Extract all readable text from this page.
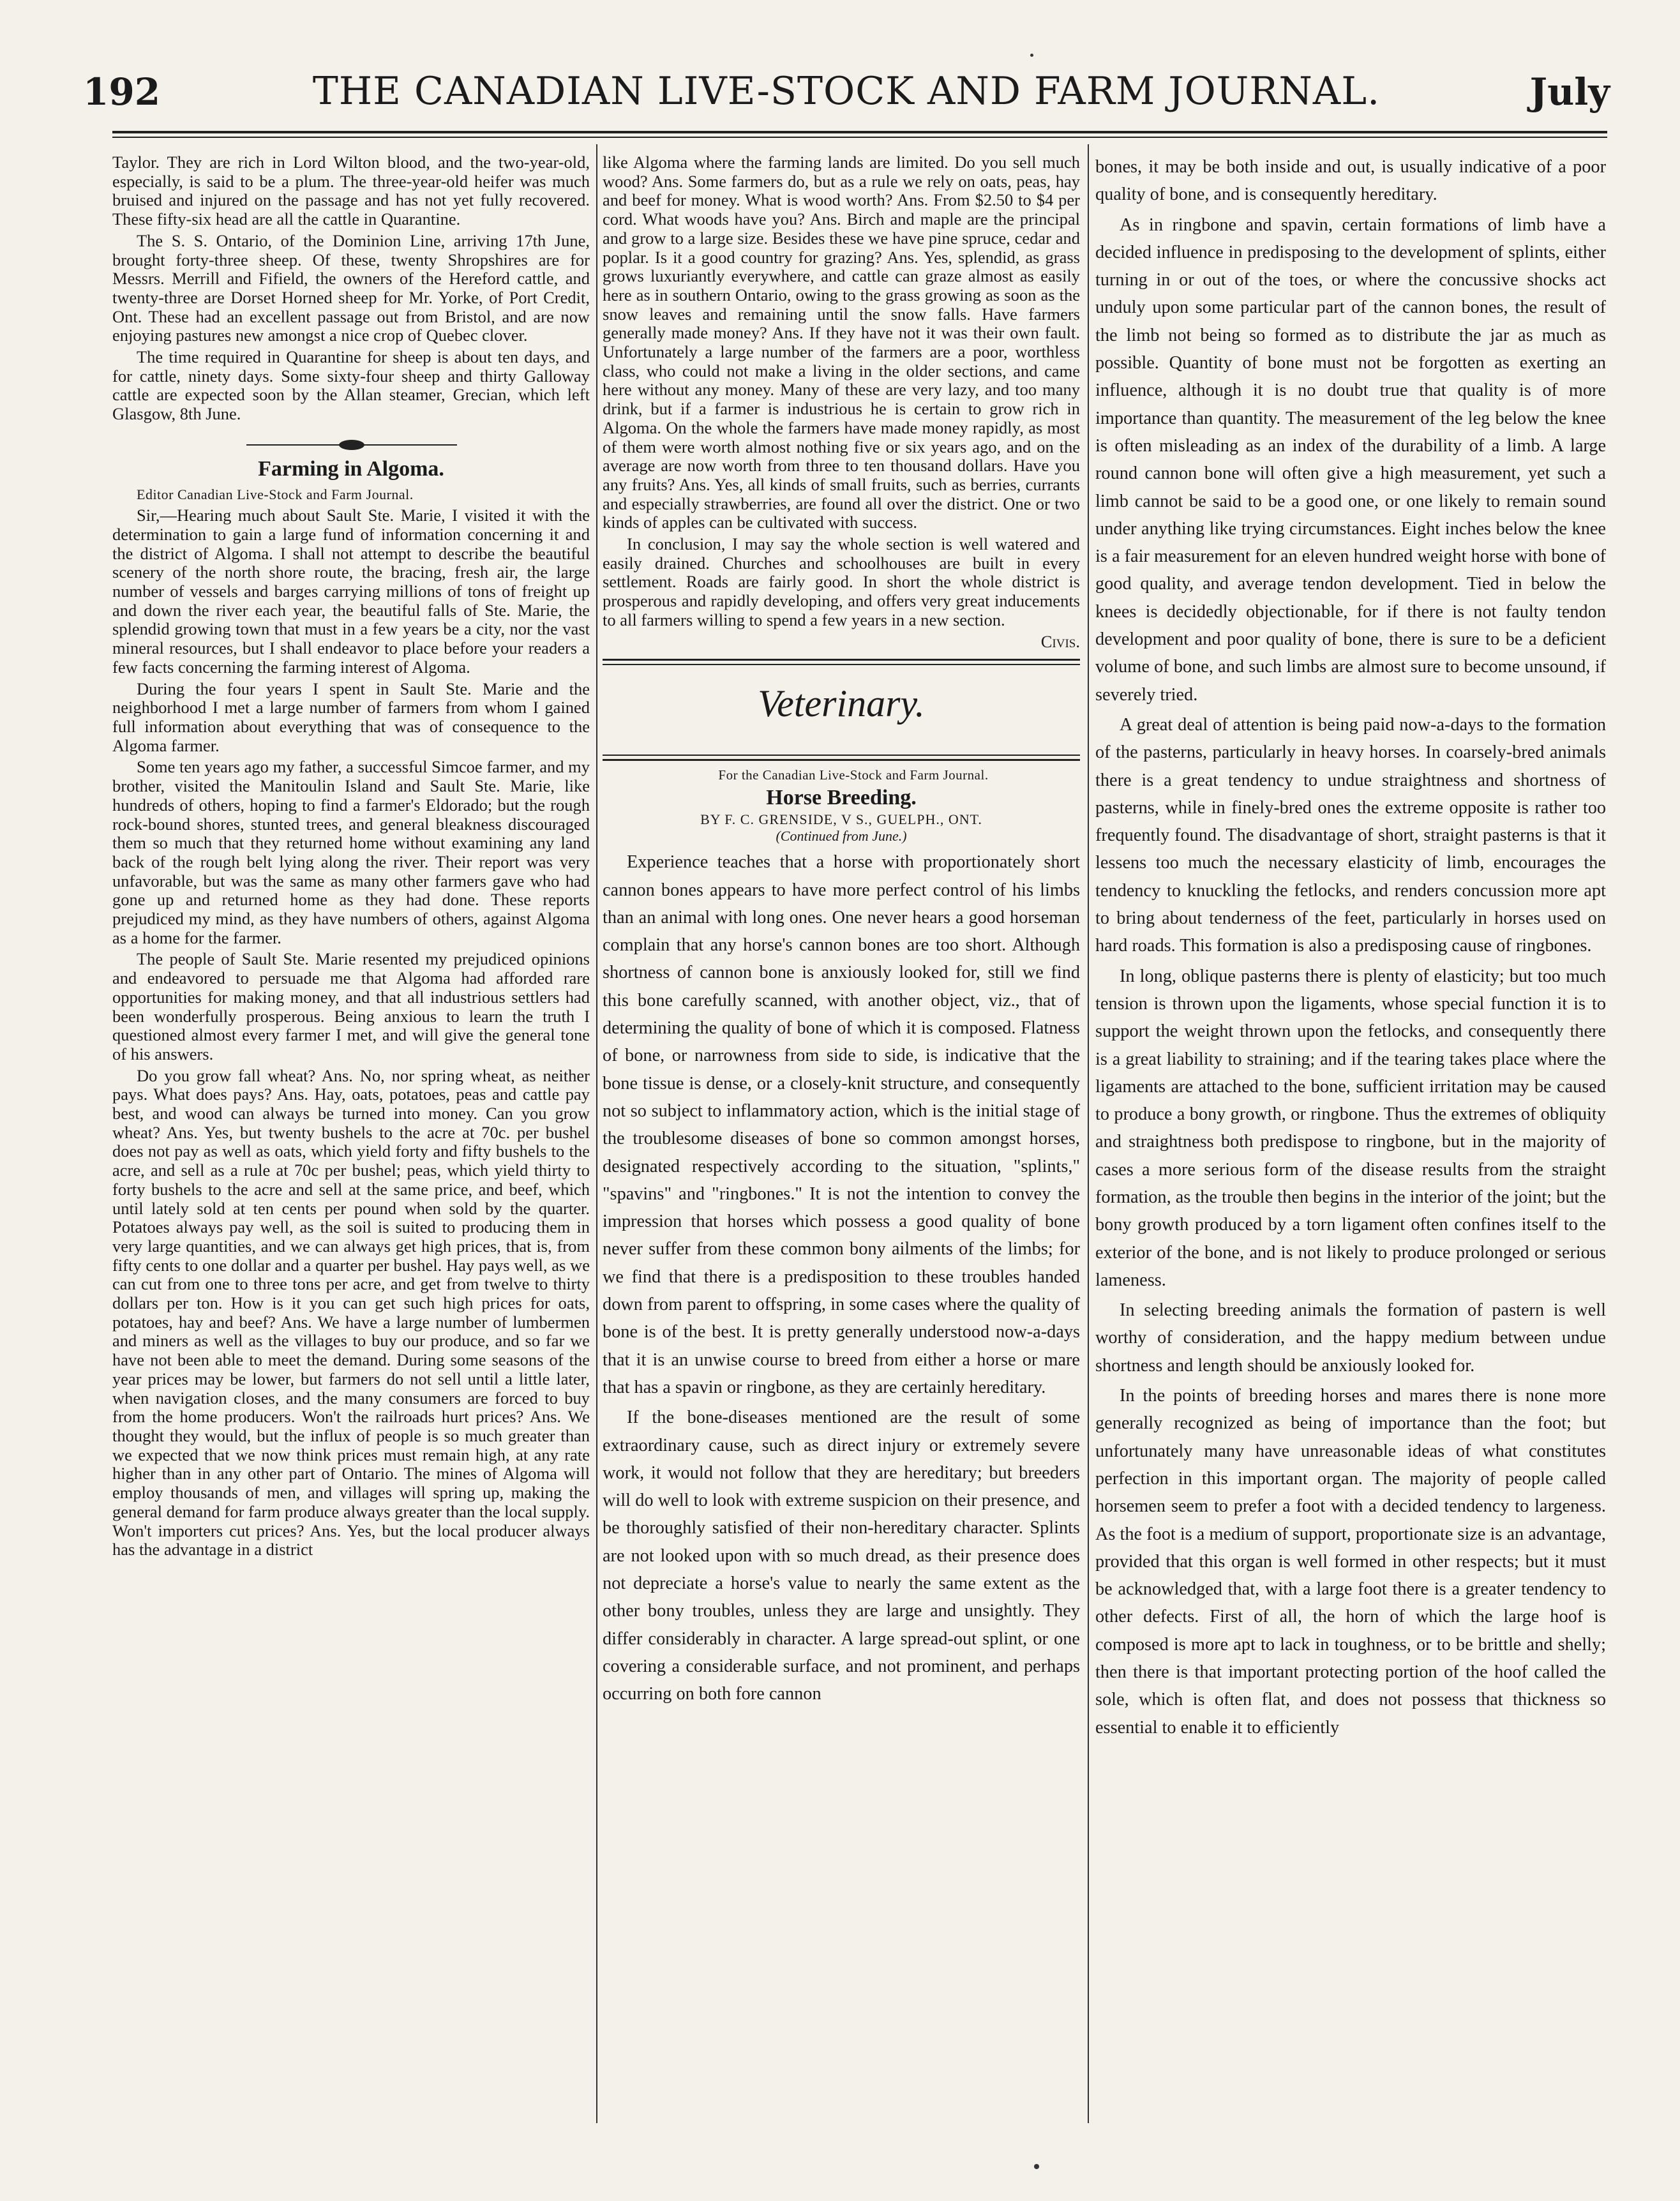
192	THE CANADIAN LIVE-STOCK AND FARM JOURNAL.	July

Taylor. They are rich in Lord Wilton blood, and the two-year-old, especially, is said to be a plum. The three-year-old heifer was much bruised and injured on the passage and has not yet fully recovered. These fifty-six head are all the cattle in Quarantine.

The S. S. Ontario, of the Dominion Line, arriving 17th June, brought forty-three sheep. Of these, twenty Shropshires are for Messrs. Merrill and Fifield, the owners of the Hereford cattle, and twenty-three are Dorset Horned sheep for Mr. Yorke, of Port Credit, Ont. These had an excellent passage out from Bristol, and are now enjoying pastures new amongst a nice crop of Quebec clover.

The time required in Quarantine for sheep is about ten days, and for cattle, ninety days. Some sixty-four sheep and thirty Galloway cattle are expected soon by the Allan steamer, Grecian, which left Glasgow, 8th June.

Farming in Algoma.

Editor Canadian Live-Stock and Farm Journal.

Sir,—Hearing much about Sault Ste. Marie, I visited it with the determination to gain a large fund of information concerning it and the district of Algoma. I shall not attempt to describe the beautiful scenery of the north shore route, the bracing, fresh air, the large number of vessels and barges carrying millions of tons of freight up and down the river each year, the beautiful falls of Ste. Marie, the splendid growing town that must in a few years be a city, nor the vast mineral resources, but I shall endeavor to place before your readers a few facts concerning the farming interest of Algoma.

During the four years I spent in Sault Ste. Marie and the neighborhood I met a large number of farmers from whom I gained full information about everything that was of consequence to the Algoma farmer.

Some ten years ago my father, a successful Simcoe farmer, and my brother, visited the Manitoulin Island and Sault Ste. Marie, like hundreds of others, hoping to find a farmer's Eldorado; but the rough rock-bound shores, stunted trees, and general bleakness discouraged them so much that they returned home without examining any land back of the rough belt lying along the river. Their report was very unfavorable, but was the same as many other farmers gave who had gone up and returned home as they had done. These reports prejudiced my mind, as they have numbers of others, against Algoma as a home for the farmer.

The people of Sault Ste. Marie resented my prejudiced opinions and endeavored to persuade me that Algoma had afforded rare opportunities for making money, and that all industrious settlers had been wonderfully prosperous. Being anxious to learn the truth I questioned almost every farmer I met, and will give the general tone of his answers.

Do you grow fall wheat? Ans. No, nor spring wheat, as neither pays. What does pays? Ans. Hay, oats, potatoes, peas and cattle pay best, and wood can always be turned into money. Can you grow wheat? Ans. Yes, but twenty bushels to the acre at 70c. per bushel does not pay as well as oats, which yield forty and fifty bushels to the acre, and sell as a rule at 70c per bushel; peas, which yield thirty to forty bushels to the acre and sell at the same price, and beef, which until lately sold at ten cents per pound when sold by the quarter. Potatoes always pay well, as the soil is suited to producing them in very large quantities, and we can always get high prices, that is, from fifty cents to one dollar and a quarter per bushel. Hay pays well, as we can cut from one to three tons per acre, and get from twelve to thirty dollars per ton. How is it you can get such high prices for oats, potatoes, hay and beef? Ans. We have a large number of lumbermen and miners as well as the villages to buy our produce, and so far we have not been able to meet the demand. During some seasons of the year prices may be lower, but farmers do not sell until a little later, when navigation closes, and the many consumers are forced to buy from the home producers. Won't the railroads hurt prices? Ans. We thought they would, but the influx of people is so much greater than we expected that we now think prices must remain high, at any rate higher than in any other part of Ontario. The mines of Algoma will employ thousands of men, and villages will spring up, making the general demand for farm produce always greater than the local supply. Won't importers cut prices? Ans. Yes, but the local producer always has the advantage in a district

like Algoma where the farming lands are limited. Do you sell much wood? Ans. Some farmers do, but as a rule we rely on oats, peas, hay and beef for money. What is wood worth? Ans. From $2.50 to $4 per cord. What woods have you? Ans. Birch and maple are the principal and grow to a large size. Besides these we have pine spruce, cedar and poplar. Is it a good country for grazing? Ans. Yes, splendid, as grass grows luxuriantly everywhere, and cattle can graze almost as easily here as in southern Ontario, owing to the grass growing as soon as the snow leaves and remaining until the snow falls. Have farmers generally made money? Ans. If they have not it was their own fault. Unfortunately a large number of the farmers are a poor, worthless class, who could not make a living in the older sections, and came here without any money. Many of these are very lazy, and too many drink, but if a farmer is industrious he is certain to grow rich in Algoma. On the whole the farmers have made money rapidly, as most of them were worth almost nothing five or six years ago, and on the average are now worth from three to ten thousand dollars. Have you any fruits? Ans. Yes, all kinds of small fruits, such as berries, currants and especially strawberries, are found all over the district. One or two kinds of apples can be cultivated with success.

In conclusion, I may say the whole section is well watered and easily drained. Churches and schoolhouses are built in every settlement. Roads are fairly good. In short the whole district is prosperous and rapidly developing, and offers very great inducements to all farmers willing to spend a few years in a new section.

Civis.

Veterinary.

For the Canadian Live-Stock and Farm Journal.

Horse Breeding.
BY F. C. GRENSIDE, V S., GUELPH., ONT.
(Continued from June.)

Experience teaches that a horse with proportionately short cannon bones appears to have more perfect control of his limbs than an animal with long ones. One never hears a good horseman complain that any horse's cannon bones are too short. Although shortness of cannon bone is anxiously looked for, still we find this bone carefully scanned, with another object, viz., that of determining the quality of bone of which it is composed. Flatness of bone, or narrowness from side to side, is indicative that the bone tissue is dense, or a closely-knit structure, and consequently not so subject to inflammatory action, which is the initial stage of the troublesome diseases of bone so common amongst horses, designated respectively according to the situation, "splints," "spavins" and "ringbones." It is not the intention to convey the impression that horses which possess a good quality of bone never suffer from these common bony ailments of the limbs; for we find that there is a predisposition to these troubles handed down from parent to offspring, in some cases where the quality of bone is of the best. It is pretty generally understood now-a-days that it is an unwise course to breed from either a horse or mare that has a spavin or ringbone, as they are certainly hereditary.

If the bone-diseases mentioned are the result of some extraordinary cause, such as direct injury or extremely severe work, it would not follow that they are hereditary; but breeders will do well to look with extreme suspicion on their presence, and be thoroughly satisfied of their non-hereditary character. Splints are not looked upon with so much dread, as their presence does not depreciate a horse's value to nearly the same extent as the other bony troubles, unless they are large and unsightly. They differ considerably in character. A large spread-out splint, or one covering a considerable surface, and not prominent, and perhaps occurring on both fore cannon

bones, it may be both inside and out, is usually indicative of a poor quality of bone, and is consequently hereditary.

As in ringbone and spavin, certain formations of limb have a decided influence in predisposing to the development of splints, either turning in or out of the toes, or where the concussive shocks act unduly upon some particular part of the cannon bones, the result of the limb not being so formed as to distribute the jar as much as possible. Quantity of bone must not be forgotten as exerting an influence, although it is no doubt true that quality is of more importance than quantity. The measurement of the leg below the knee is often misleading as an index of the durability of a limb. A large round cannon bone will often give a high measurement, yet such a limb cannot be said to be a good one, or one likely to remain sound under anything like trying circumstances. Eight inches below the knee is a fair measurement for an eleven hundred weight horse with bone of good quality, and average tendon development. Tied in below the knees is decidedly objectionable, for if there is not faulty tendon development and poor quality of bone, there is sure to be a deficient volume of bone, and such limbs are almost sure to become unsound, if severely tried.

A great deal of attention is being paid now-a-days to the formation of the pasterns, particularly in heavy horses. In coarsely-bred animals there is a great tendency to undue straightness and shortness of pasterns, while in finely-bred ones the extreme opposite is rather too frequently found. The disadvantage of short, straight pasterns is that it lessens too much the necessary elasticity of limb, encourages the tendency to knuckling the fetlocks, and renders concussion more apt to bring about tenderness of the feet, particularly in horses used on hard roads. This formation is also a predisposing cause of ringbones.

In long, oblique pasterns there is plenty of elasticity; but too much tension is thrown upon the ligaments, whose special function it is to support the weight thrown upon the fetlocks, and consequently there is a great liability to straining; and if the tearing takes place where the ligaments are attached to the bone, sufficient irritation may be caused to produce a bony growth, or ringbone. Thus the extremes of obliquity and straightness both predispose to ringbone, but in the majority of cases a more serious form of the disease results from the straight formation, as the trouble then begins in the interior of the joint; but the bony growth produced by a torn ligament often confines itself to the exterior of the bone, and is not likely to produce prolonged or serious lameness.

In selecting breeding animals the formation of pastern is well worthy of consideration, and the happy medium between undue shortness and length should be anxiously looked for.

In the points of breeding horses and mares there is none more generally recognized as being of importance than the foot; but unfortunately many have unreasonable ideas of what constitutes perfection in this important organ. The majority of people called horsemen seem to prefer a foot with a decided tendency to largeness. As the foot is a medium of support, proportionate size is an advantage, provided that this organ is well formed in other respects; but it must be acknowledged that, with a large foot there is a greater tendency to other defects. First of all, the horn of which the large hoof is composed is more apt to lack in toughness, or to be brittle and shelly; then there is that important protecting portion of the hoof called the sole, which is often flat, and does not possess that thickness so essential to enable it to efficiently
